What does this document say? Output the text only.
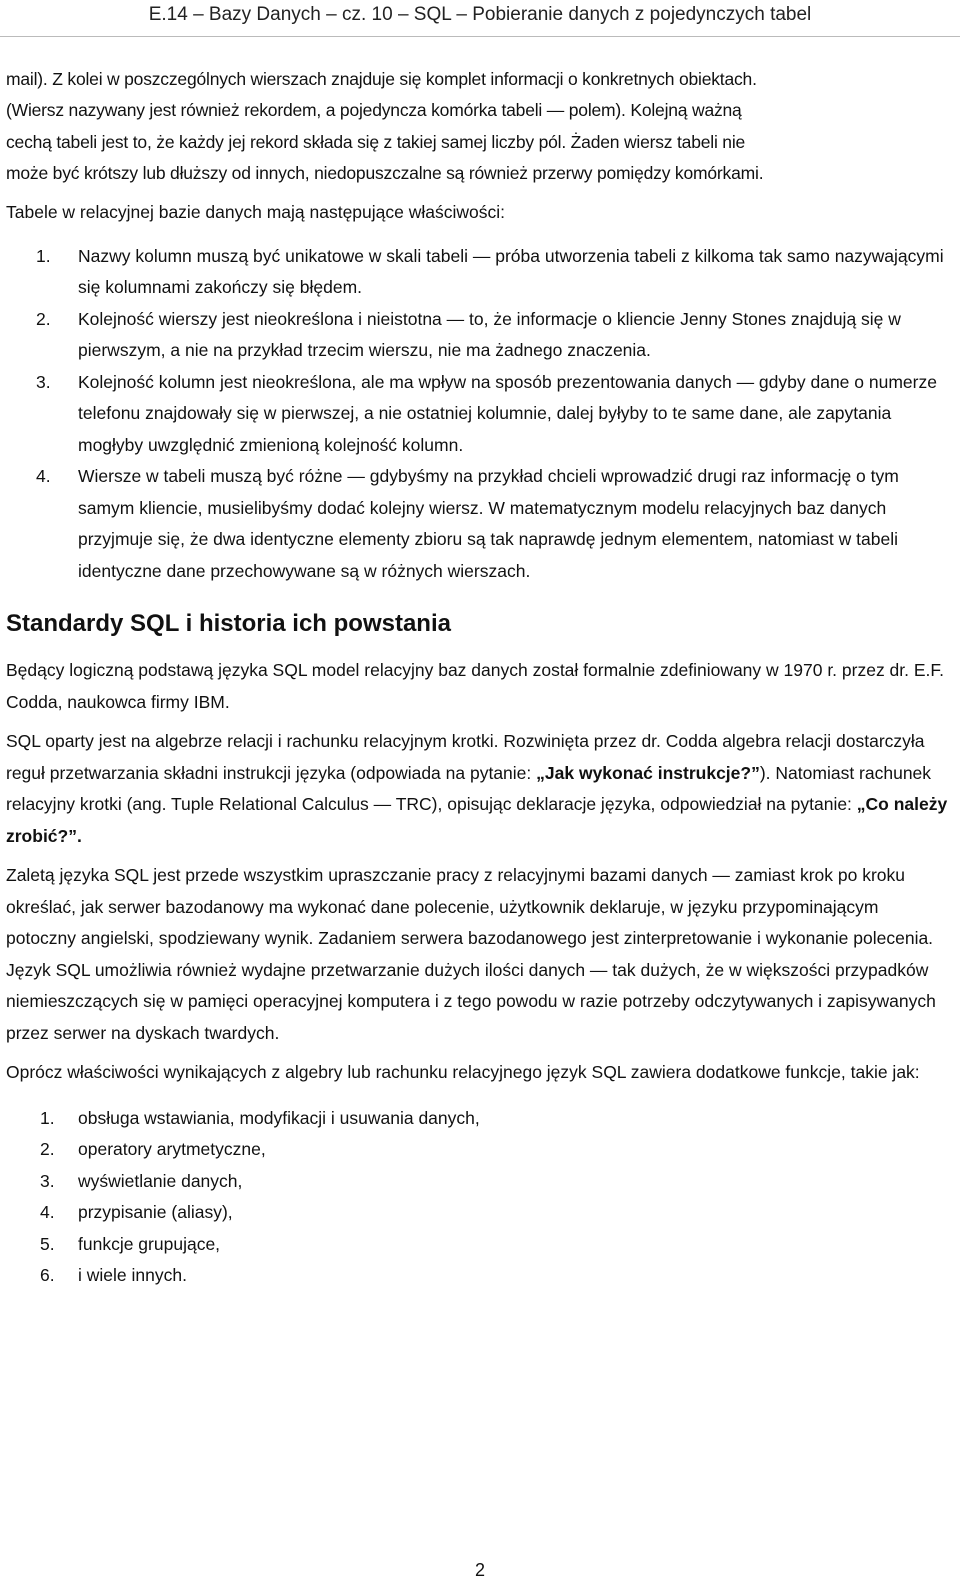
E.14 – Bazy Danych – cz. 10 – SQL – Pobieranie danych z pojedynczych tabel
mail). Z kolei w poszczególnych wierszach znajduje się komplet informacji o konkretnych obiektach.
(Wiersz nazywany jest również rekordem, a pojedyncza komórka tabeli — polem). Kolejną ważną
cechą tabeli jest to, że każdy jej rekord składa się z takiej samej liczby pól. Żaden wiersz tabeli nie
może być krótszy lub dłuższy od innych, niedopuszczalne są również przerwy pomiędzy komórkami.

Tabele w relacyjnej bazie danych mają następujące właściwości:

1. Nazwy kolumn muszą być unikatowe w skali tabeli — próba utworzenia tabeli z kilkoma tak samo nazywającymi się kolumnami zakończy się błędem.
2. Kolejność wierszy jest nieokreślona i nieistotna — to, że informacje o kliencie Jenny Stones znajdują się w pierwszym, a nie na przykład trzecim wierszu, nie ma żadnego znaczenia.
3. Kolejność kolumn jest nieokreślona, ale ma wpływ na sposób prezentowania danych — gdyby dane o numerze telefonu znajdowały się w pierwszej, a nie ostatniej kolumnie, dalej byłyby to te same dane, ale zapytania mogłyby uwzględnić zmienioną kolejność kolumn.
4. Wiersze w tabeli muszą być różne — gdybyśmy na przykład chcieli wprowadzić drugi raz informację o tym samym kliencie, musielibyśmy dodać kolejny wiersz. W matematycznym modelu relacyjnych baz danych przyjmuje się, że dwa identyczne elementy zbioru są tak naprawdę jednym elementem, natomiast w tabeli identyczne dane przechowywane są w różnych wierszach.
Standardy SQL i historia ich powstania

Będący logiczną podstawą języka SQL model relacyjny baz danych został formalnie zdefiniowany w 1970 r. przez dr. E.F. Codda, naukowca firmy IBM.

SQL oparty jest na algebrze relacji i rachunku relacyjnym krotki. Rozwinięta przez dr. Codda algebra relacji dostarczyła reguł przetwarzania składni instrukcji języka (odpowiada na pytanie: „Jak wykonać instrukcje?”). Natomiast rachunek relacyjny krotki (ang. Tuple Relational Calculus — TRC), opisując deklaracje języka, odpowiedział na pytanie: „Co należy zrobić?”.

Zaletą języka SQL jest przede wszystkim upraszczanie pracy z relacyjnymi bazami danych — zamiast krok po kroku określać, jak serwer bazodanowy ma wykonać dane polecenie, użytkownik deklaruje, w języku przypominającym potoczny angielski, spodziewany wynik. Zadaniem serwera bazodanowego jest zinterpretowanie i wykonanie polecenia. Język SQL umożliwia również wydajne przetwarzanie dużych ilości danych — tak dużych, że w większości przypadków niemieszczących się w pamięci operacyjnej komputera i z tego powodu w razie potrzeby odczytywanych i zapisywanych przez serwer na dyskach twardych.

Oprócz właściwości wynikających z algebry lub rachunku relacyjnego język SQL zawiera dodatkowe funkcje, takie jak:

1. obsługa wstawiania, modyfikacji i usuwania danych,
2. operatory arytmetyczne,
3. wyświetlanie danych,
4. przypisanie (aliasy),
5. funkcje grupujące,
6. i wiele innych.
2
